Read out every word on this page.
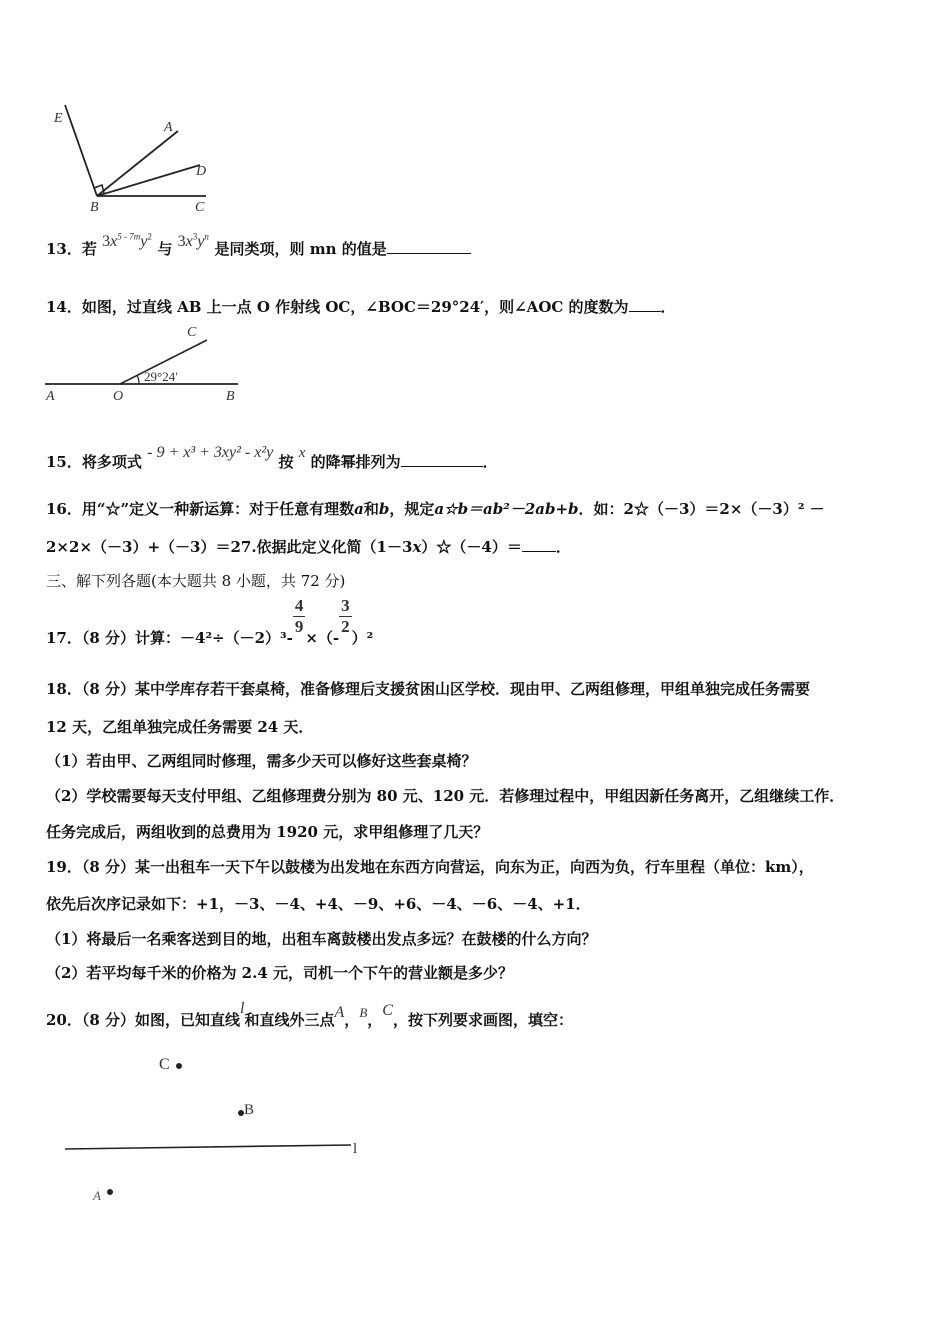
E
A
D
B	C
13．若 $3x^{5 - 7m}y^2$ 与 $3x^3y^n$ 是同类项，则 mn 的值是
14．如图，过直线 AB 上一点 O 作射线 OC，∠BOC＝29°24′，则∠AOC 的度数为 ．
29°24′
C
A	O	B
15．将多项式 - 9 + x³ + 3xy² - x²y 按 x 的降幂排列为	．
16．用“☆”定义一种新运算：对于任意有理数a和b，规定a☆b＝ab²－2ab+b．如：2☆（－3）＝2×（－3）² －
2×2×（－3）+（－3）＝27.依据此定义化简（1－3x）☆（－4）＝ ．
三、解下列各题(本大题共 8 小题，共 72 分)
17．（8 分）计算：－4²÷（－2）³-
$\frac{4}{9}$
×（-
$\frac{3}{2}$
）²
18．（8 分）某中学库存若干套桌椅，准备修理后支援贫困山区学校．现由甲、乙两组修理，甲组单独完成任务需要
12 天，乙组单独完成任务需要 24 天．
（1）若由甲、乙两组同时修理，需多少天可以修好这些套桌椅？
（2）学校需要每天支付甲组、乙组修理费分别为 80 元、120 元．若修理过程中，甲组因新任务离开，乙组继续工作．
任务完成后，两组收到的总费用为 1920 元，求甲组修理了几天？
19．（8 分）某一出租车一天下午以鼓楼为出发地在东西方向营运，向东为正，向西为负，行车里程（单位：km），
依先后次序记录如下：+1，－3、－4、+4、－9、+6、－4、－6、－4、+1．
（1）将最后一名乘客送到目的地，出租车离鼓楼出发点多远？在鼓楼的什么方向？
（2）若平均每千米的价格为 2.4 元，司机一个下午的营业额是多少？
20．（8 分）如图，已知直线l和直线外三点A，B，C，按下列要求画图，填空：
C
B
l
A
